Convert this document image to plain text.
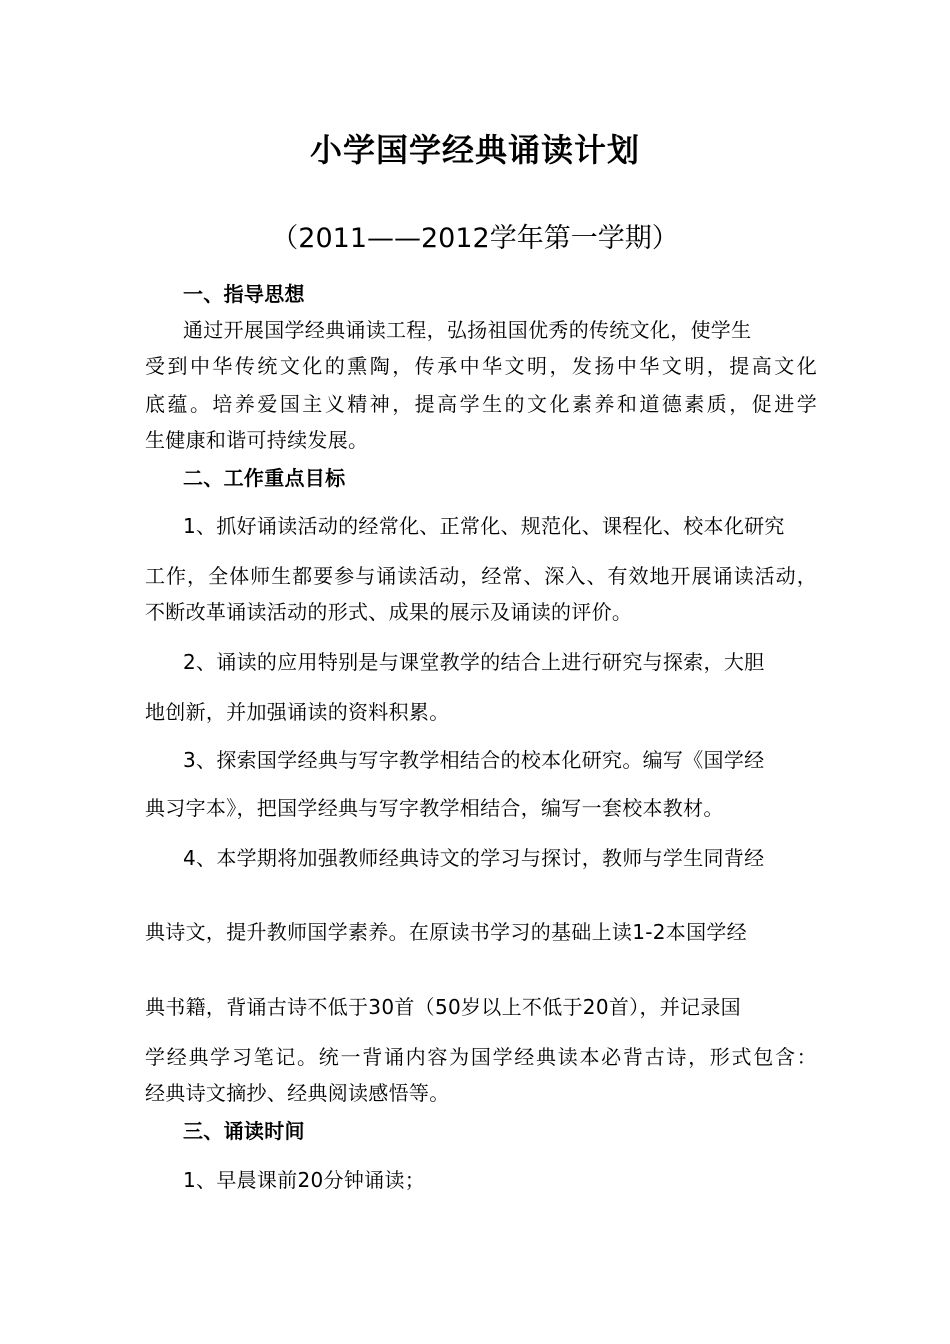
小学国学经典诵读计划
（2011——2012学年第一学期）
一、指导思想
通过开展国学经典诵读工程，弘扬祖国优秀的传统文化，使学生
受到中华传统文化的熏陶，传承中华文明，发扬中华文明，提高文化
底蕴。培养爱国主义精神，提高学生的文化素养和道德素质，促进学
生健康和谐可持续发展。
二、工作重点目标
1、抓好诵读活动的经常化、正常化、规范化、课程化、校本化研究
工作，全体师生都要参与诵读活动，经常、深入、有效地开展诵读活动，
不断改革诵读活动的形式、成果的展示及诵读的评价。
2、诵读的应用特别是与课堂教学的结合上进行研究与探索，大胆
地创新，并加强诵读的资料积累。
3、探索国学经典与写字教学相结合的校本化研究。编写《国学经
典习字本》，把国学经典与写字教学相结合，编写一套校本教材。
4、本学期将加强教师经典诗文的学习与探讨，教师与学生同背经
典诗文，提升教师国学素养。在原读书学习的基础上读1-2本国学经
典书籍，背诵古诗不低于30首（50岁以上不低于20首），并记录国
学经典学习笔记。统一背诵内容为国学经典读本必背古诗，形式包含：
经典诗文摘抄、经典阅读感悟等。
三、诵读时间
1、早晨课前20分钟诵读；
